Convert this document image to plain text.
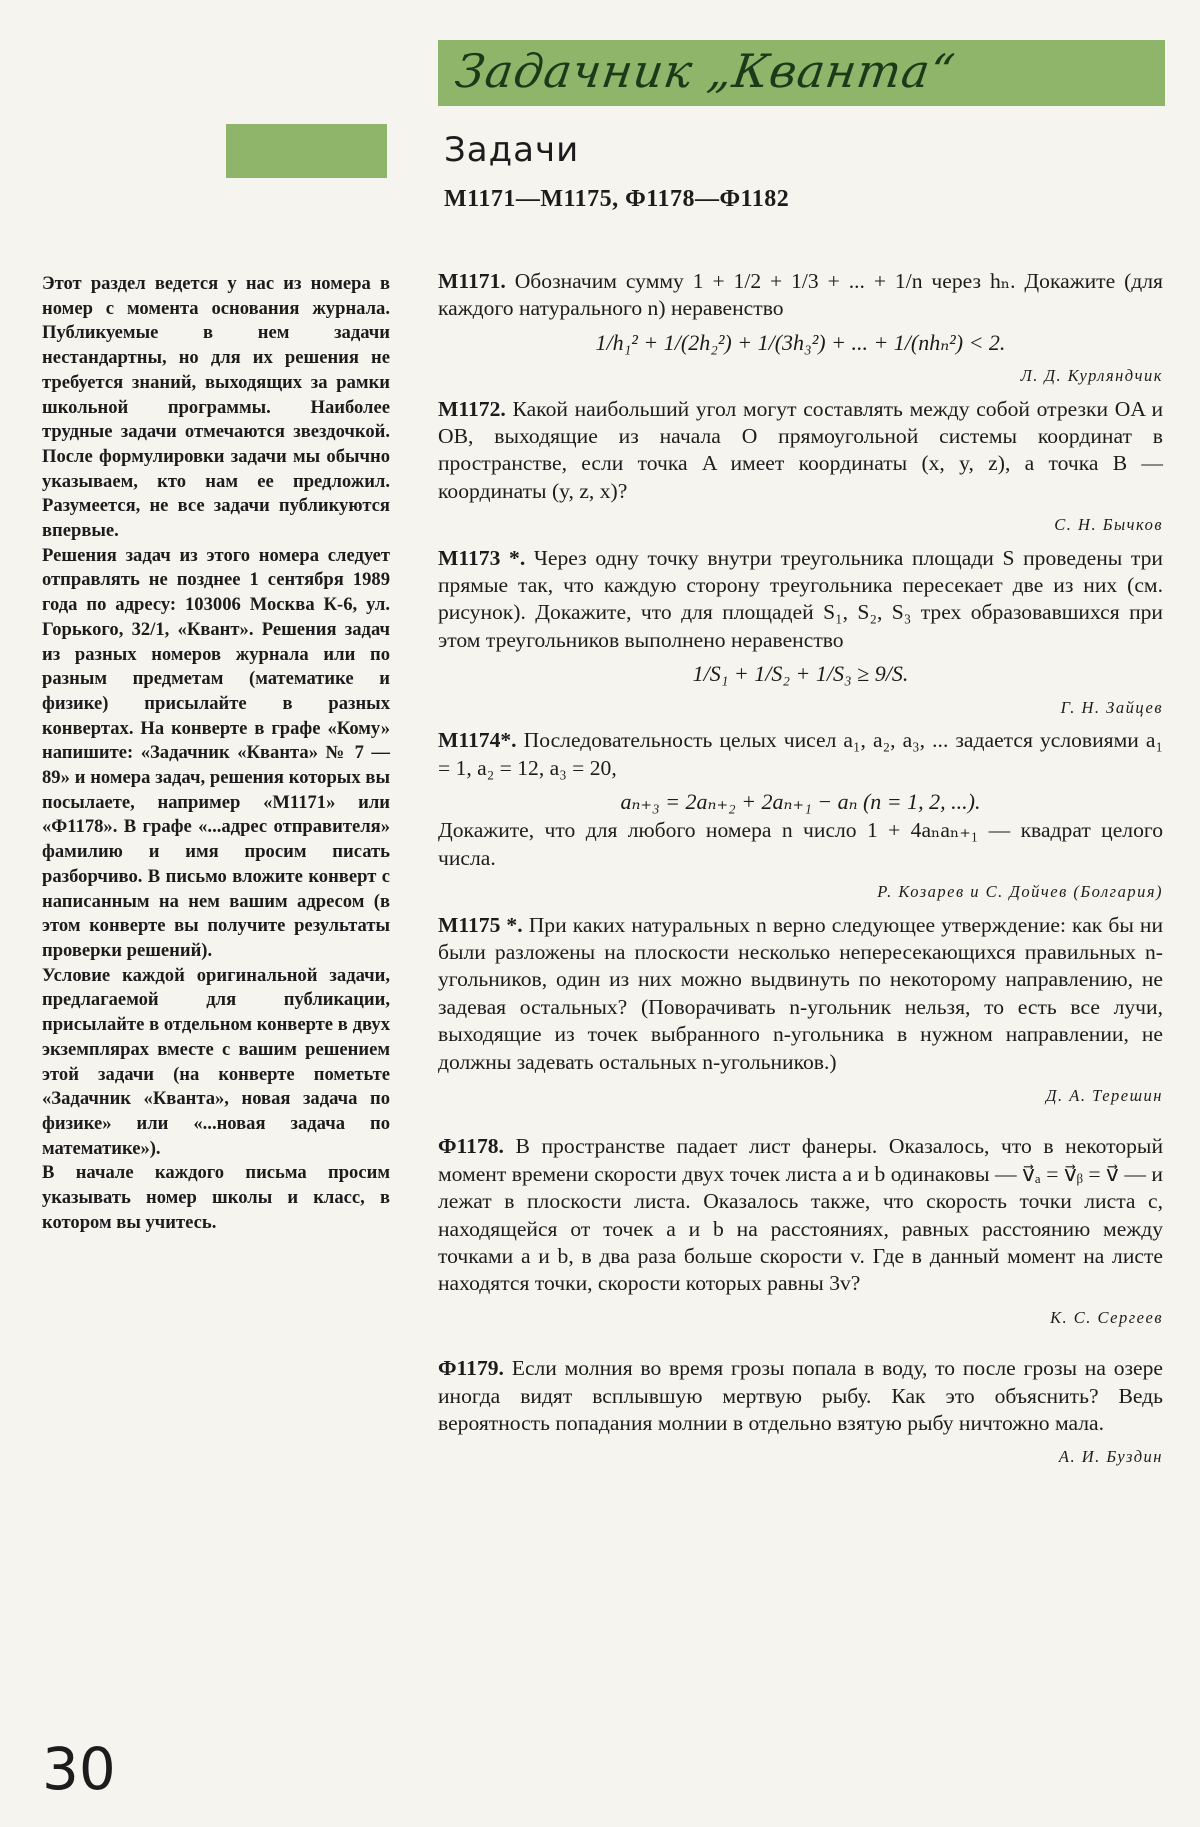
Задачник „Кванта“
Задачи
М1171—М1175, Ф1178—Ф1182

Этот раздел ведется у нас из номера в номер с момента основания журнала. Публикуемые в нем задачи нестандартны, но для их решения не требуется знаний, выходящих за рамки школьной программы. Наиболее трудные задачи отмечаются звездочкой. После формулировки задачи мы обычно указываем, кто нам ее предложил. Разумеется, не все задачи публикуются впервые.

Решения задач из этого номера следует отправлять не позднее 1 сентября 1989 года по адресу: 103006 Москва К-6, ул. Горького, 32/1, «Квант». Решения задач из разных номеров журнала или по разным предметам (математике и физике) присылайте в разных конвертах. На конверте в графе «Кому» напишите: «Задачник «Кванта» № 7 — 89» и номера задач, решения которых вы посылаете, например «М1171» или «Ф1178». В графе «...адрес отправителя» фамилию и имя просим писать разборчиво. В письмо вложите конверт с написанным на нем вашим адресом (в этом конверте вы получите результаты проверки решений).

Условие каждой оригинальной задачи, предлагаемой для публикации, присылайте в отдельном конверте в двух экземплярах вместе с вашим решением этой задачи (на конверте пометьте «Задачник «Кванта», новая задача по физике» или «...новая задача по математике»).

В начале каждого письма просим указывать номер школы и класс, в котором вы учитесь.

30

М1171. Обозначим сумму 1 + 1/2 + 1/3 + ... + 1/n через hₙ. Докажите (для каждого натурального n) неравенство

1/h₁² + 1/(2h₂²) + 1/(3h₃²) + ... + 1/(nhₙ²) < 2.
Л. Д. Курляндчик

М1172. Какой наибольший угол могут составлять между собой отрезки OA и OB, выходящие из начала O прямоугольной системы координат в пространстве, если точка A имеет координаты (x, y, z), а точка B — координаты (y, z, x)?

С. Н. Бычков

М1173 *. Через одну точку внутри треугольника площади S проведены три прямые так, что каждую сторону треугольника пересекает две из них (см. рисунок). Докажите, что для площадей S₁, S₂, S₃ трех образовавшихся при этом треугольников выполнено неравенство

1/S₁ + 1/S₂ + 1/S₃ ≥ 9/S.
Г. Н. Зайцев

М1174*. Последовательность целых чисел a₁, a₂, a₃, ... задается условиями a₁ = 1, a₂ = 12, a₃ = 20,

aₙ₊₃ = 2aₙ₊₂ + 2aₙ₊₁ − aₙ (n = 1, 2, ...).

Докажите, что для любого номера n число 1 + 4aₙaₙ₊₁ — квадрат целого числа.

Р. Козарев и С. Дойчев (Болгария)

М1175 *. При каких натуральных n верно следующее утверждение: как бы ни были разложены на плоскости несколько непересекающихся правильных n-угольников, один из них можно выдвинуть по некоторому направлению, не задевая остальных? (Поворачивать n-угольник нельзя, то есть все лучи, выходящие из точек выбранного n-угольника в нужном направлении, не должны задевать остальных n-угольников.)

Д. А. Терешин

Ф1178. В пространстве падает лист фанеры. Оказалось, что в некоторый момент времени скорости двух точек листа a и b одинаковы — v⃗ₐ = v⃗ᵦ = v⃗ — и лежат в плоскости листа. Оказалось также, что скорость точки листа c, находящейся от точек a и b на расстояниях, равных расстоянию между точками a и b, в два раза больше скорости v. Где в данный момент на листе находятся точки, скорости которых равны 3v?

К. С. Сергеев

Ф1179. Если молния во время грозы попала в воду, то после грозы на озере иногда видят всплывшую мертвую рыбу. Как это объяснить? Ведь вероятность попадания молнии в отдельно взятую рыбу ничтожно мала.

А. И. Буздин
